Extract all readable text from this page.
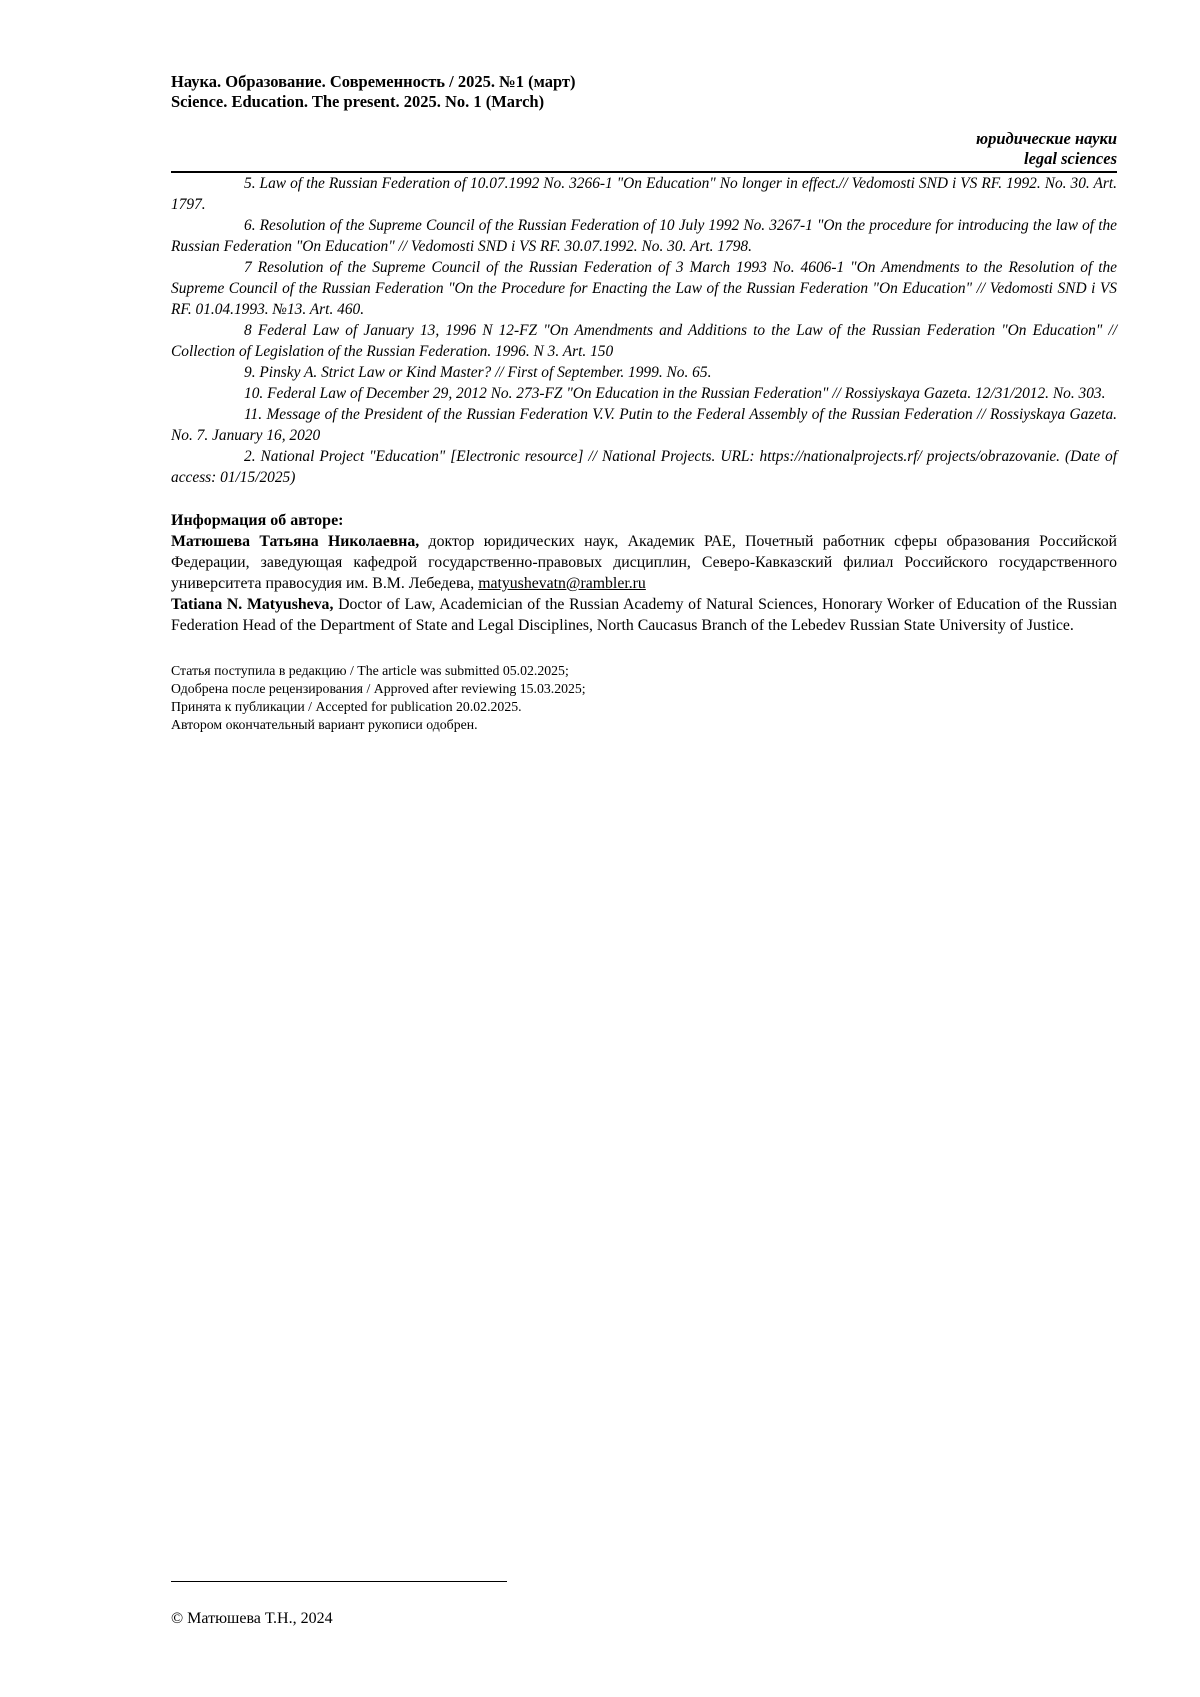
Наука. Образование. Современность / 2025. №1 (март)

Science. Education. The present. 2025. No. 1 (March)

юридические науки

legal sciences

5. Law of the Russian Federation of 10.07.1992 No. 3266-1 "On Education" No longer in effect.// Vedomosti SND i VS RF. 1992. No. 30. Art. 1797.

6. Resolution of the Supreme Council of the Russian Federation of 10 July 1992 No. 3267-1 "On the procedure for introducing the law of the Russian Federation "On Education" // Vedomosti SND i VS RF. 30.07.1992. No. 30. Art. 1798.

7 Resolution of the Supreme Council of the Russian Federation of 3 March 1993 No. 4606-1 "On Amendments to the Resolution of the Supreme Council of the Russian Federation "On the Procedure for Enacting the Law of the Russian Federation "On Education" // Vedomosti SND i VS RF. 01.04.1993. №13. Art. 460.

8 Federal Law of January 13, 1996 N 12-FZ "On Amendments and Additions to the Law of the Russian Federation "On Education" // Collection of Legislation of the Russian Federation. 1996. N 3. Art. 150

9. Pinsky A. Strict Law or Kind Master? // First of September. 1999. No. 65.

10. Federal Law of December 29, 2012 No. 273-FZ "On Education in the Russian Federation" // Rossiyskaya Gazeta. 12/31/2012. No. 303.

11. Message of the President of the Russian Federation V.V. Putin to the Federal Assembly of the Russian Federation // Rossiyskaya Gazeta. No. 7. January 16, 2020

2. National Project "Education" [Electronic resource] // National Projects. URL: https://nationalprojects.rf/ projects/obrazovanie. (Date of access: 01/15/2025)

Информация об авторе:

Матюшева Татьяна Николаевна, доктор юридических наук, Академик РАЕ, Почетный работник сферы образования Российской Федерации, заведующая кафедрой государственно-правовых дисциплин, Северо-Кавказский филиал Российского государственного университета правосудия им. В.М. Лебедева, matyushevatn@rambler.ru

Tatiana N. Matyusheva, Doctor of Law, Academician of the Russian Academy of Natural Sciences, Honorary Worker of Education of the Russian Federation Head of the Department of State and Legal Disciplines, North Caucasus Branch of the Lebedev Russian State University of Justice.

Статья поступила в редакцию / The article was submitted 05.02.2025;

Одобрена после рецензирования / Approved after reviewing 15.03.2025;

Принята к публикации / Accepted for publication 20.02.2025.

Автором окончательный вариант рукописи одобрен.

© Матюшева Т.Н., 2024
